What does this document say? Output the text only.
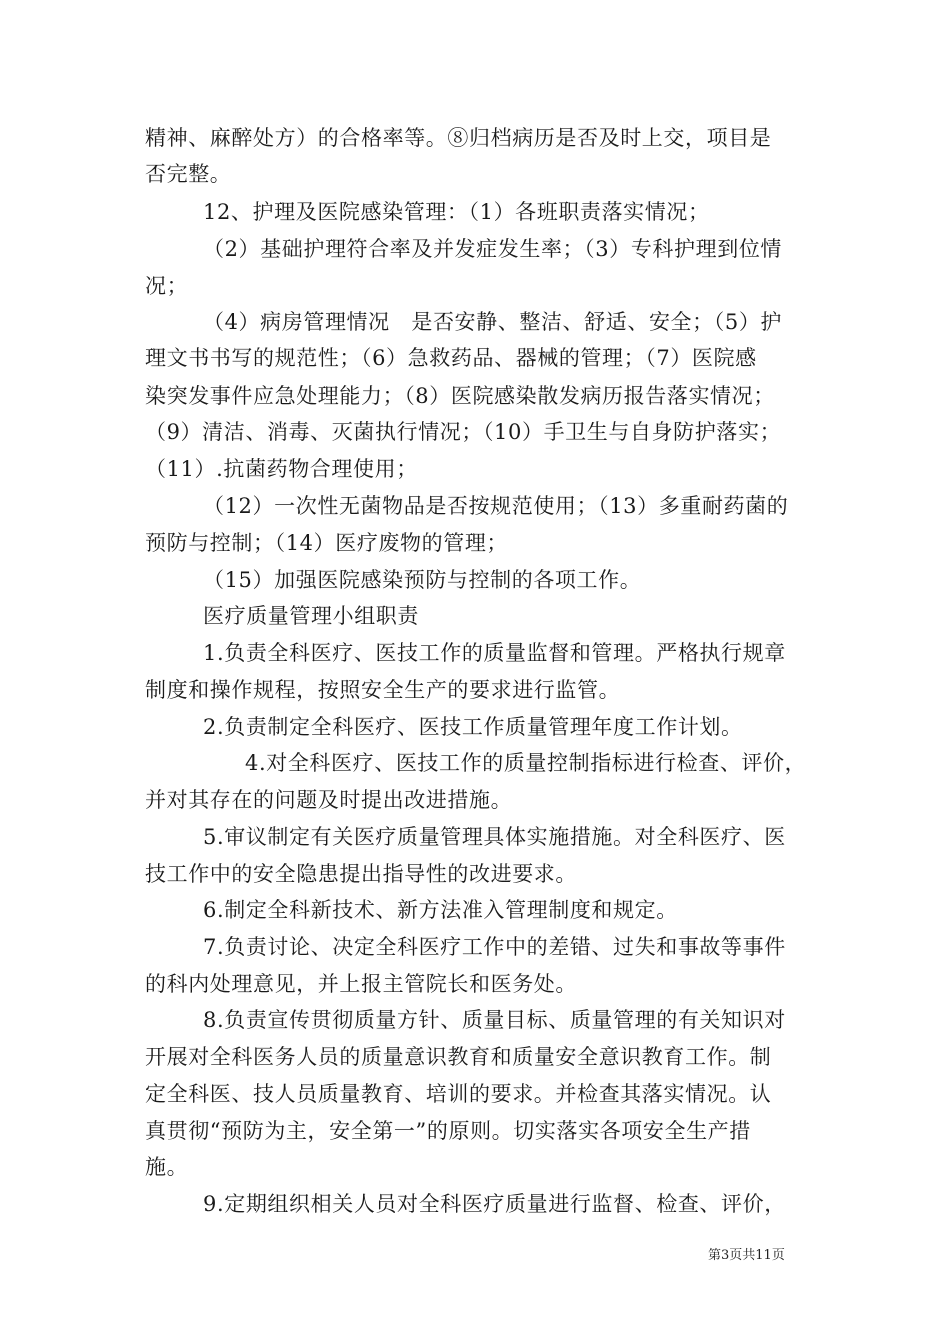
精神、麻醉处方）的合格率等。⑧归档病历是否及时上交，项目是
否完整。
12、护理及医院感染管理：（1）各班职责落实情况；
（2）基础护理符合率及并发症发生率；（3）专科护理到位情
况；
（4）病房管理情况　是否安静、整洁、舒适、安全；（5）护
理文书书写的规范性；（6）急救药品、器械的管理；（7）医院感
染突发事件应急处理能力；（8）医院感染散发病历报告落实情况；
（9）清洁、消毒、灭菌执行情况；（10）手卫生与自身防护落实；
（11）.抗菌药物合理使用；
（12）一次性无菌物品是否按规范使用；（13）多重耐药菌的
预防与控制；（14）医疗废物的管理；
（15）加强医院感染预防与控制的各项工作。
医疗质量管理小组职责
1.负责全科医疗、医技工作的质量监督和管理。严格执行规章
制度和操作规程，按照安全生产的要求进行监管。
2.负责制定全科医疗、医技工作质量管理年度工作计划。
4.对全科医疗、医技工作的质量控制指标进行检查、评价，
并对其存在的问题及时提出改进措施。
5.审议制定有关医疗质量管理具体实施措施。对全科医疗、医
技工作中的安全隐患提出指导性的改进要求。
6.制定全科新技术、新方法准入管理制度和规定。
7.负责讨论、决定全科医疗工作中的差错、过失和事故等事件
的科内处理意见，并上报主管院长和医务处。
8.负责宣传贯彻质量方针、质量目标、质量管理的有关知识对
开展对全科医务人员的质量意识教育和质量安全意识教育工作。制
定全科医、技人员质量教育、培训的要求。并检查其落实情况。认
真贯彻“预防为主，安全第一”的原则。切实落实各项安全生产措
施。
9.定期组织相关人员对全科医疗质量进行监督、检查、评价，
第3页共11页
